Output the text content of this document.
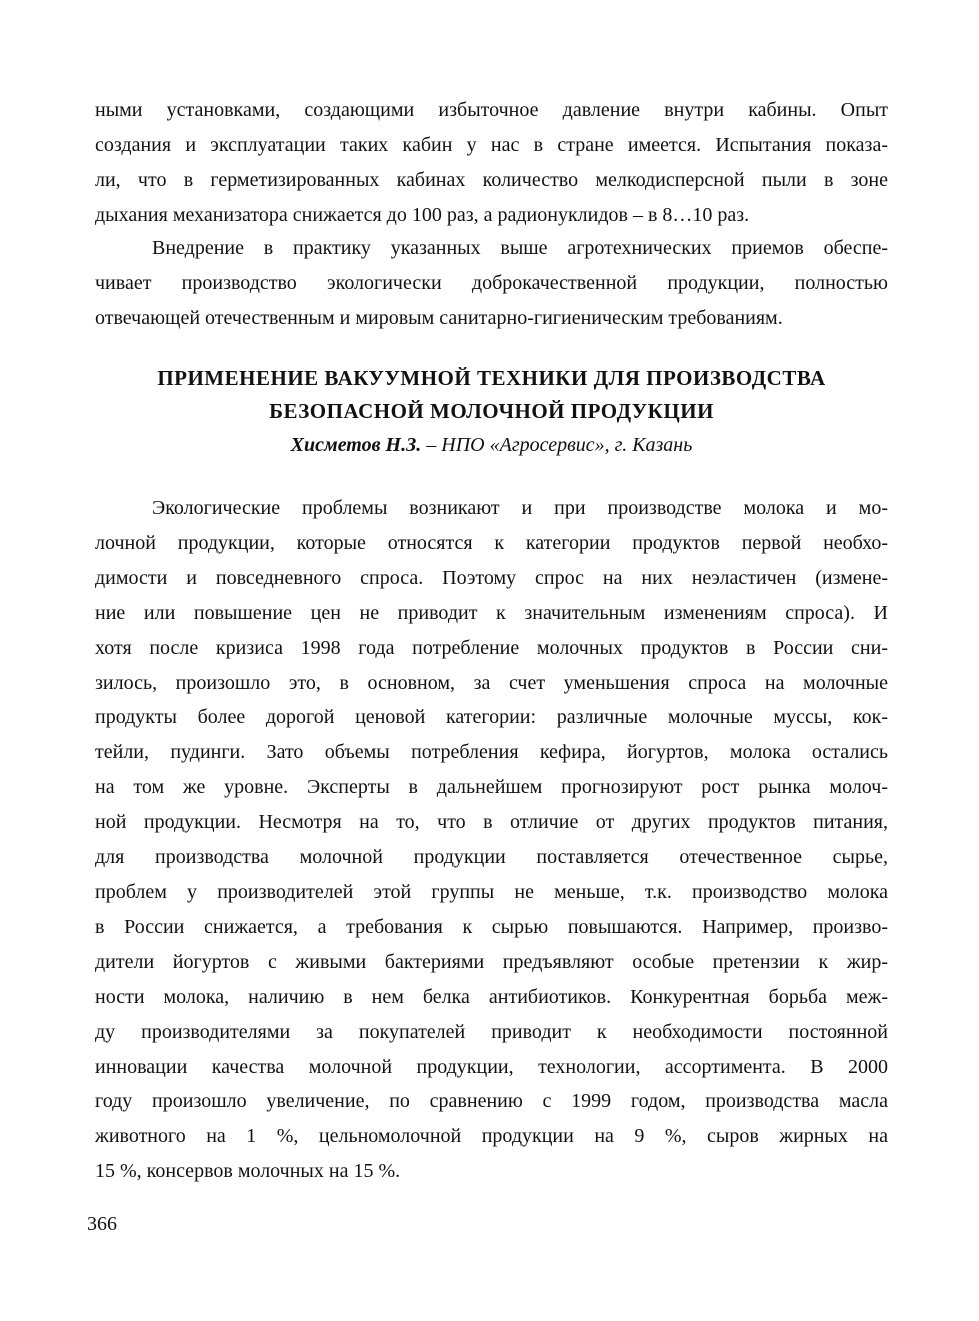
ными установками, создающими избыточное давление внутри кабины. Опыт
создания и эксплуатации таких кабин у нас в стране имеется. Испытания показа-
ли, что в герметизированных кабинах количество мелкодисперсной пыли в зоне
дыхания механизатора снижается до 100 раз, а радионуклидов – в 8…10 раз.
Внедрение в практику указанных выше агротехнических приемов обеспе-
чивает производство экологически доброкачественной продукции, полностью
отвечающей отечественным и мировым санитарно-гигиеническим требованиям.
ПРИМЕНЕНИЕ ВАКУУМНОЙ ТЕХНИКИ ДЛЯ ПРОИЗВОДСТВА
БЕЗОПАСНОЙ МОЛОЧНОЙ ПРОДУКЦИИ
Хисметов Н.З. – НПО «Агросервис», г. Казань
Экологические проблемы возникают и при производстве молока и мо-
лочной продукции, которые относятся к категории продуктов первой необхо-
димости и повседневного спроса. Поэтому спрос на них неэластичен (измене-
ние или повышение цен не приводит к значительным изменениям спроса). И
хотя после кризиса 1998 года потребление молочных продуктов в России сни-
зилось, произошло это, в основном, за счет уменьшения спроса на молочные
продукты более дорогой ценовой категории: различные молочные муссы, кок-
тейли, пудинги. Зато объемы потребления кефира, йогуртов, молока остались
на том же уровне. Эксперты в дальнейшем прогнозируют рост рынка молоч-
ной продукции. Несмотря на то, что в отличие от других продуктов питания,
для производства молочной продукции поставляется отечественное сырье,
проблем у производителей этой группы не меньше, т.к. производство молока
в России снижается, а требования к сырью повышаются. Например, произво-
дители йогуртов с живыми бактериями предъявляют особые претензии к жир-
ности молока, наличию в нем белка антибиотиков. Конкурентная борьба меж-
ду производителями за покупателей приводит к необходимости постоянной
инновации качества молочной продукции, технологии, ассортимента. В 2000
году произошло увеличение, по сравнению с 1999 годом, производства масла
животного на 1 %, цельномолочной продукции на 9 %, сыров жирных на
15 %, консервов молочных на 15 %.
366
